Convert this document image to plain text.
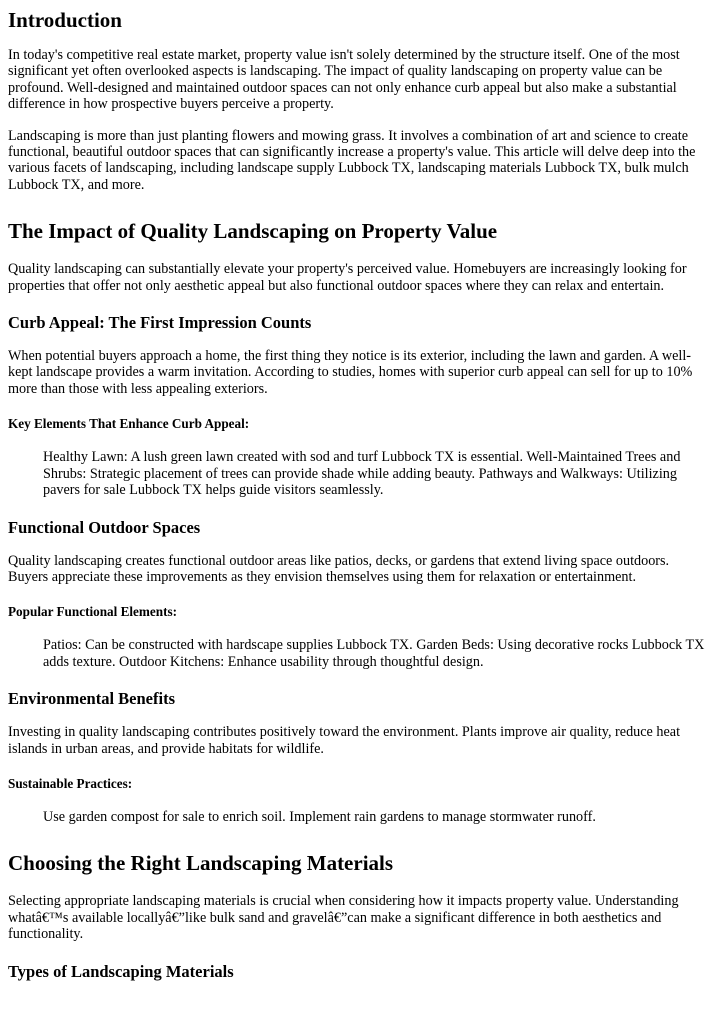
Introduction

In today's competitive real estate market, property value isn't solely determined by the structure itself. One of the most significant yet often overlooked aspects is landscaping. The impact of quality landscaping on property value can be profound. Well-designed and maintained outdoor spaces can not only enhance curb appeal but also make a substantial difference in how prospective buyers perceive a property.

Landscaping is more than just planting flowers and mowing grass. It involves a combination of art and science to create functional, beautiful outdoor spaces that can significantly increase a property's value. This article will delve deep into the various facets of landscaping, including landscape supply Lubbock TX, landscaping materials Lubbock TX, bulk mulch Lubbock TX, and more.

The Impact of Quality Landscaping on Property Value

Quality landscaping can substantially elevate your property's perceived value. Homebuyers are increasingly looking for properties that offer not only aesthetic appeal but also functional outdoor spaces where they can relax and entertain.

Curb Appeal: The First Impression Counts

When potential buyers approach a home, the first thing they notice is its exterior, including the lawn and garden. A well-kept landscape provides a warm invitation. According to studies, homes with superior curb appeal can sell for up to 10% more than those with less appealing exteriors.

Key Elements That Enhance Curb Appeal:

Healthy Lawn: A lush green lawn created with sod and turf Lubbock TX is essential. Well-Maintained Trees and Shrubs: Strategic placement of trees can provide shade while adding beauty. Pathways and Walkways: Utilizing pavers for sale Lubbock TX helps guide visitors seamlessly.

Functional Outdoor Spaces

Quality landscaping creates functional outdoor areas like patios, decks, or gardens that extend living space outdoors. Buyers appreciate these improvements as they envision themselves using them for relaxation or entertainment.

Popular Functional Elements:

Patios: Can be constructed with hardscape supplies Lubbock TX. Garden Beds: Using decorative rocks Lubbock TX adds texture. Outdoor Kitchens: Enhance usability through thoughtful design.

Environmental Benefits

Investing in quality landscaping contributes positively toward the environment. Plants improve air quality, reduce heat islands in urban areas, and provide habitats for wildlife.

Sustainable Practices:

Use garden compost for sale to enrich soil. Implement rain gardens to manage stormwater runoff.

Choosing the Right Landscaping Materials

Selecting appropriate landscaping materials is crucial when considering how it impacts property value. Understanding whatâ€™s available locallyâ€”like bulk sand and gravelâ€”can make a significant difference in both aesthetics and functionality.

Types of Landscaping Materials
